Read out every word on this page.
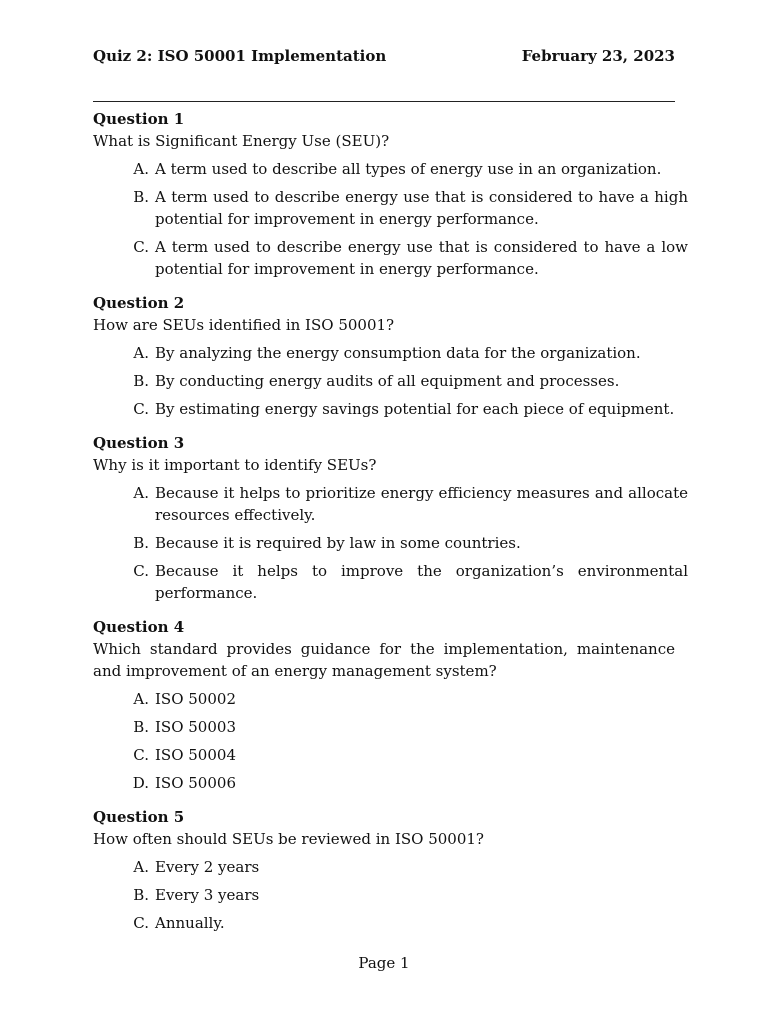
Quiz 2: ISO 50001 Implementation	February 23, 2023
Question 1
What is Significant Energy Use (SEU)?
A. A term used to describe all types of energy use in an organization.
B. A term used to describe energy use that is considered to have a high potential for improvement in energy performance.
C. A term used to describe energy use that is considered to have a low potential for improvement in energy performance.
Question 2
How are SEUs identified in ISO 50001?
A. By analyzing the energy consumption data for the organization.
B. By conducting energy audits of all equipment and processes.
C. By estimating energy savings potential for each piece of equipment.
Question 3
Why is it important to identify SEUs?
A. Because it helps to prioritize energy efficiency measures and allocate resources effectively.
B. Because it is required by law in some countries.
C. Because it helps to improve the organization’s environmental performance.
Question 4
Which standard provides guidance for the implementation, maintenance and improvement of an energy management system?
A. ISO 50002
B. ISO 50003
C. ISO 50004
D. ISO 50006
Question 5
How often should SEUs be reviewed in ISO 50001?
A. Every 2 years
B. Every 3 years
C. Annually.
Page 1
